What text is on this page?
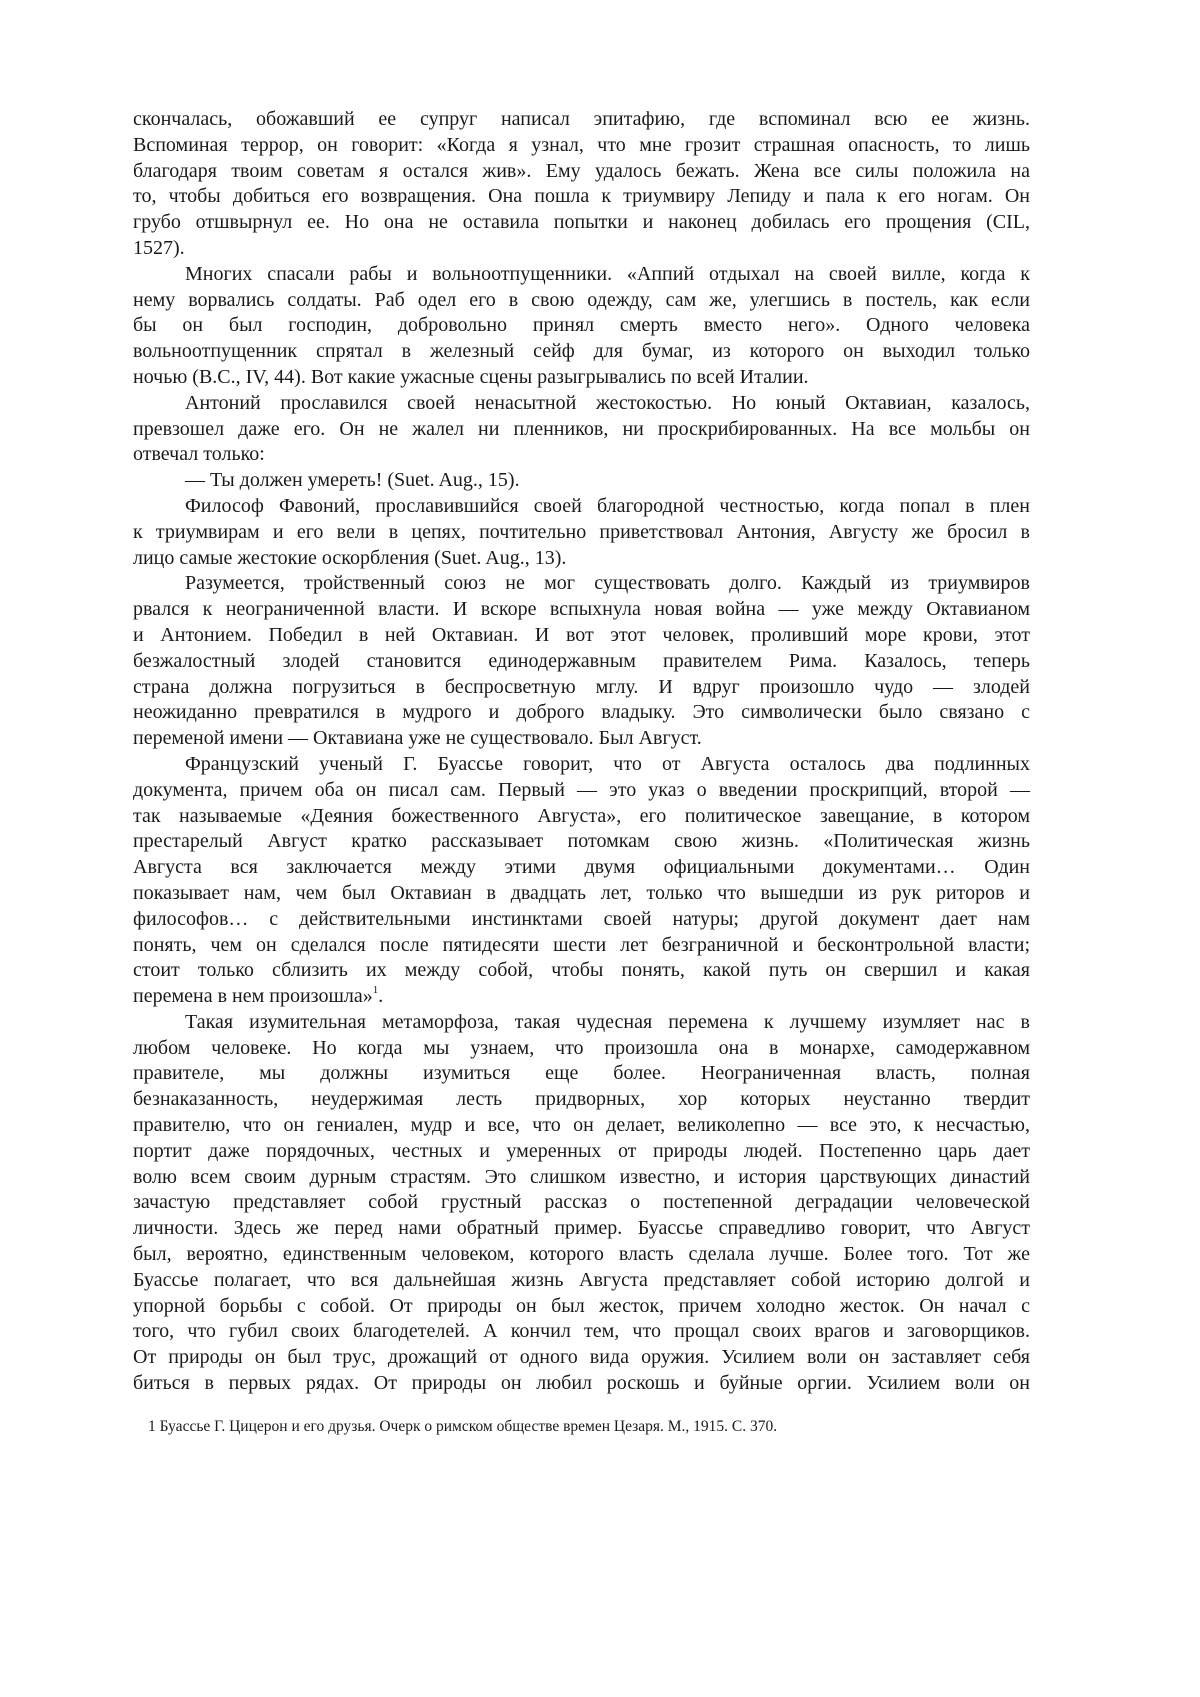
скончалась, обожавший ее супруг написал эпитафию, где вспоминал всю ее жизнь.
Вспоминая террор, он говорит: «Когда я узнал, что мне грозит страшная опасность, то лишь
благодаря твоим советам я остался жив». Ему удалось бежать. Жена все силы положила на
то, чтобы добиться его возвращения. Она пошла к триумвиру Лепиду и пала к его ногам. Он
грубо отшвырнул ее. Но она не оставила попытки и наконец добилась его прощения (CIL,
1527).
Многих спасали рабы и вольноотпущенники. «Аппий отдыхал на своей вилле, когда к
нему ворвались солдаты. Раб одел его в свою одежду, сам же, улегшись в постель, как если
бы он был господин, добровольно принял смерть вместо него». Одного человека
вольноотпущенник спрятал в железный сейф для бумаг, из которого он выходил только
ночью (B.C., IV, 44). Вот какие ужасные сцены разыгрывались по всей Италии.
Антоний прославился своей ненасытной жестокостью. Но юный Октавиан, казалось,
превзошел даже его. Он не жалел ни пленников, ни проскрибированных. На все мольбы он
отвечал только:
— Ты должен умереть! (Suet. Aug., 15).
Философ Фавоний, прославившийся своей благородной честностью, когда попал в плен
к триумвирам и его вели в цепях, почтительно приветствовал Антония, Августу же бросил в
лицо самые жестокие оскорбления (Suet. Aug., 13).
Разумеется, тройственный союз не мог существовать долго. Каждый из триумвиров
рвался к неограниченной власти. И вскоре вспыхнула новая война — уже между Октавианом
и Антонием. Победил в ней Октавиан. И вот этот человек, проливший море крови, этот
безжалостный злодей становится единодержавным правителем Рима. Казалось, теперь
страна должна погрузиться в беспросветную мглу. И вдруг произошло чудо — злодей
неожиданно превратился в мудрого и доброго владыку. Это символически было связано с
переменой имени — Октавиана уже не существовало. Был Август.
Французский ученый Г. Буассье говорит, что от Августа осталось два подлинных
документа, причем оба он писал сам. Первый — это указ о введении проскрипций, второй —
так называемые «Деяния божественного Августа», его политическое завещание, в котором
престарелый Август кратко рассказывает потомкам свою жизнь. «Политическая жизнь
Августа вся заключается между этими двумя официальными документами… Один
показывает нам, чем был Октавиан в двадцать лет, только что вышедши из рук риторов и
философов… с действительными инстинктами своей натуры; другой документ дает нам
понять, чем он сделался после пятидесяти шести лет безграничной и бесконтрольной власти;
стоит только сблизить их между собой, чтобы понять, какой путь он свершил и какая
перемена в нем произошла»1.
Такая изумительная метаморфоза, такая чудесная перемена к лучшему изумляет нас в
любом человеке. Но когда мы узнаем, что произошла она в монархе, самодержавном
правителе, мы должны изумиться еще более. Неограниченная власть, полная
безнаказанность, неудержимая лесть придворных, хор которых неустанно твердит
правителю, что он гениален, мудр и все, что он делает, великолепно — все это, к несчастью,
портит даже порядочных, честных и умеренных от природы людей. Постепенно царь дает
волю всем своим дурным страстям. Это слишком известно, и история царствующих династий
зачастую представляет собой грустный рассказ о постепенной деградации человеческой
личности. Здесь же перед нами обратный пример. Буассье справедливо говорит, что Август
был, вероятно, единственным человеком, которого власть сделала лучше. Более того. Тот же
Буассье полагает, что вся дальнейшая жизнь Августа представляет собой историю долгой и
упорной борьбы с собой. От природы он был жесток, причем холодно жесток. Он начал с
того, что губил своих благодетелей. А кончил тем, что прощал своих врагов и заговорщиков.
От природы он был трус, дрожащий от одного вида оружия. Усилием воли он заставляет себя
биться в первых рядах. От природы он любил роскошь и буйные оргии. Усилием воли он
1 Буассье Г. Цицерон и его друзья. Очерк о римском обществе времен Цезаря. М., 1915. С. 370.
